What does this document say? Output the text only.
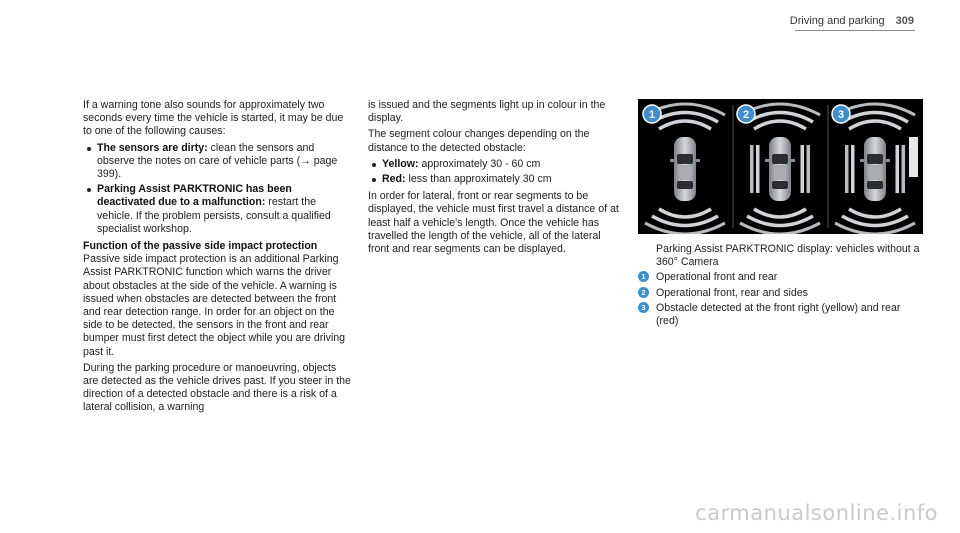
Driving and parking 309

If a warning tone also sounds for approximately two seconds every time the vehicle is started, it may be due to one of the following causes:

The sensors are dirty: clean the sensors and observe the notes on care of vehicle parts (→ page 399).
Parking Assist PARKTRONIC has been deactivated due to a malfunction: restart the vehicle. If the problem persists, consult a qualified specialist workshop.
Function of the passive side impact protection

Passive side impact protection is an additional Parking Assist PARKTRONIC function which warns the driver about obstacles at the side of the vehicle. A warning is issued when obstacles are detected between the front and rear detection range. In order for an object on the side to be detected, the sensors in the front and rear bumper must first detect the object while you are driving past it.

During the parking procedure or manoeuvring, objects are detected as the vehicle drives past. If you steer in the direction of a detected obstacle and there is a risk of a lateral collision, a warning

is issued and the segments light up in colour in the display.

The segment colour changes depending on the distance to the detected obstacle:

Yellow: approximately 30 - 60 cm
Red: less than approximately 30 cm

In order for lateral, front or rear segments to be displayed, the vehicle must first travel a distance of at least half a vehicle's length. Once the vehicle has travelled the length of the vehicle, all of the lateral front and rear segments can be displayed.

1	2	3

Parking Assist PARKTRONIC display: vehicles without a 360° Camera

1 Operational front and rear
2 Operational front, rear and sides
3 Obstacle detected at the front right (yellow) and rear (red)
carmanualsonline.info
